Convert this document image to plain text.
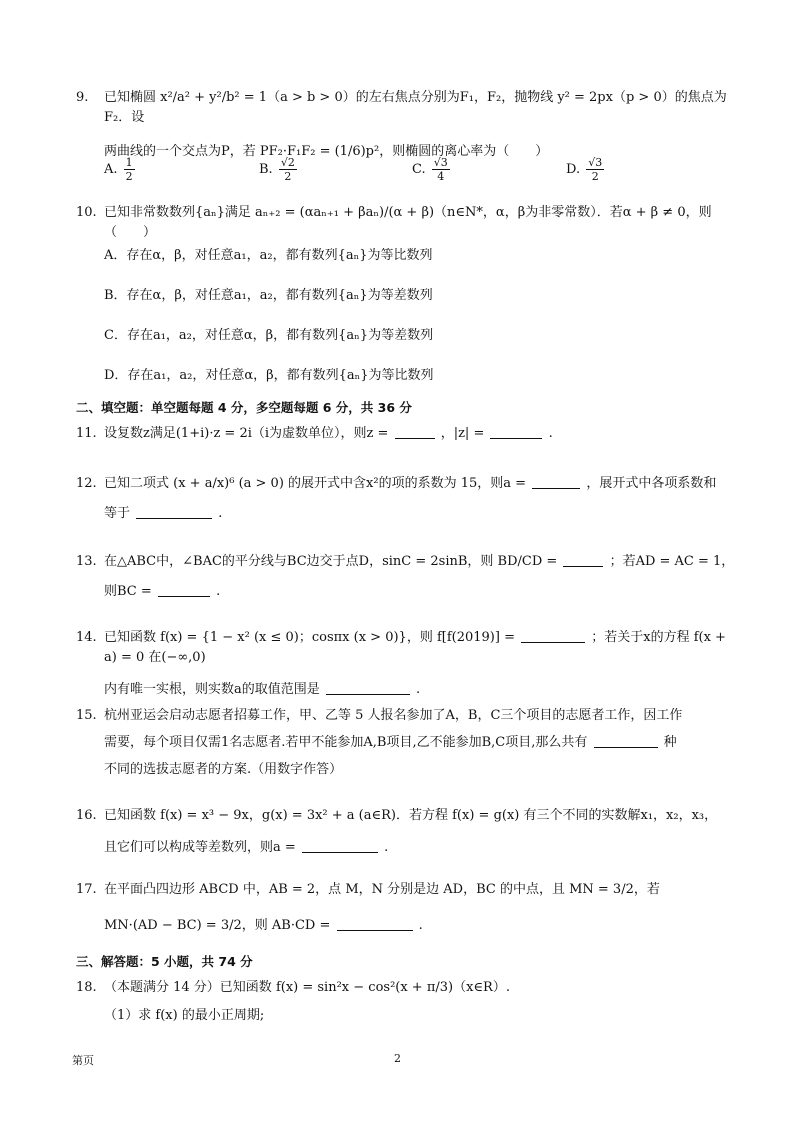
9. 已知椭圆 x²/a² + y²/b² = 1（a > b > 0）的左右焦点分别为F₁，F₂，抛物线 y² = 2px（p > 0）的焦点为F₂．设
两曲线的一个交点为P，若 PF₂·F₁F₂ = (1/6)p²，则椭圆的离心率为（　　）
A. $\frac{1}{2}$	B. $\frac{√2}{2}$	C. $\frac{√3}{4}$	D. $\frac{√3}{2}$
10. 已知非常数数列{aₙ}满足 aₙ₊₂ = (αaₙ₊₁ + βaₙ)/(α + β)（n∈N*，α，β为非零常数）．若α + β ≠ 0，则（　　）
A．存在α，β，对任意a₁，a₂，都有数列{aₙ}为等比数列
B．存在α，β，对任意a₁，a₂，都有数列{aₙ}为等差数列
C．存在a₁，a₂，对任意α，β，都有数列{aₙ}为等差数列
D．存在a₁，a₂，对任意α，β，都有数列{aₙ}为等比数列
二、填空题：单空题每题 4 分，多空题每题 6 分，共 36 分
11. 设复数z满足(1+i)·z = 2i（i为虚数单位），则z =	，|z| =	.
12. 已知二项式 (x + a/x)⁶ (a > 0) 的展开式中含x²的项的系数为 15，则a =	，展开式中各项系数和
等于	.
13. 在△ABC中，∠BAC的平分线与BC边交于点D，sinC = 2sinB，则 BD/CD =	；若AD = AC = 1，
则BC =	.
14. 已知函数 f(x) = {1 − x² (x ≤ 0)；cosπx (x > 0)}，则 f[f(2019)] =	；若关于x的方程 f(x + a) = 0 在(−∞,0)
内有唯一实根，则实数a的取值范围是	.
15. 杭州亚运会启动志愿者招募工作，甲、乙等 5 人报名参加了A，B，C三个项目的志愿者工作，因工作
需要，每个项目仅需1名志愿者.若甲不能参加A,B项目,乙不能参加B,C项目,那么共有	种
不同的选拔志愿者的方案.（用数字作答）
16. 已知函数 f(x) = x³ − 9x，g(x) = 3x² + a (a∈R)．若方程 f(x) = g(x) 有三个不同的实数解x₁，x₂，x₃，
且它们可以构成等差数列，则a =	.
17. 在平面凸四边形 ABCD 中，AB = 2，点 M，N 分别是边 AD，BC 的中点，且 MN = 3/2，若
MN·(AD − BC) = 3/2，则 AB·CD =	.
三、解答题：5 小题，共 74 分
18. （本题满分 14 分）已知函数 f(x) = sin²x − cos²(x + π/3)（x∈R）.
（1）求 f(x) 的最小正周期;
第页	2
